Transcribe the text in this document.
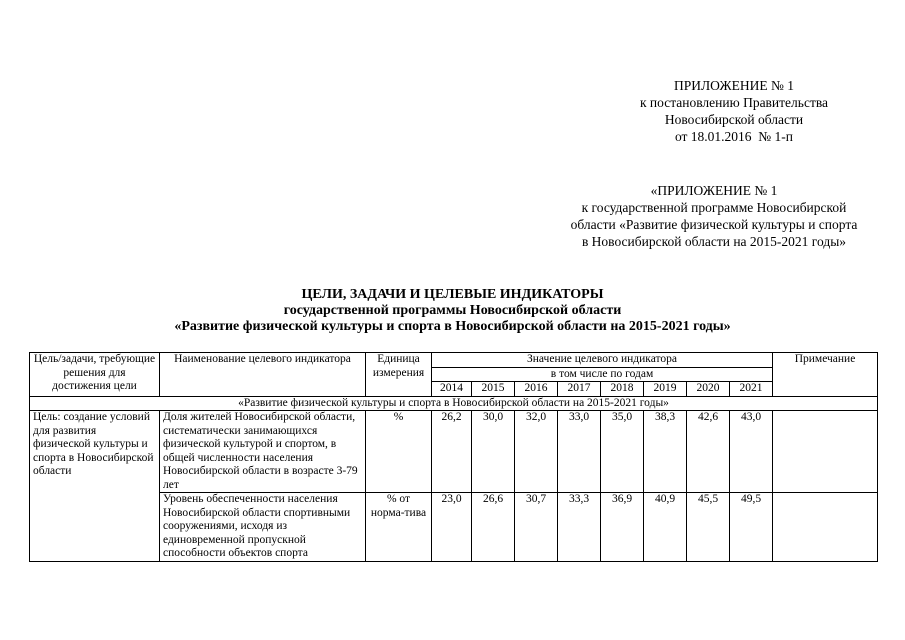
ПРИЛОЖЕНИЕ № 1
к постановлению Правительства
Новосибирской области
от 18.01.2016  № 1-п
«ПРИЛОЖЕНИЕ № 1
к государственной программе Новосибирской
области «Развитие физической культуры и спорта
в Новосибирской области на 2015-2021 годы»
ЦЕЛИ, ЗАДАЧИ И ЦЕЛЕВЫЕ ИНДИКАТОРЫ
государственной программы Новосибирской области
«Развитие физической культуры и спорта в Новосибирской области на 2015-2021 годы»
Цель/задачи, требующие решения для достижения цели	Наименование целевого индикатора	Единица измерения	Значение целевого индикатора								Примечание
			в том числе по годам								
			2014	2015	2016	2017	2018	2019	2020	2021	
«Развитие физической культуры и спорта в Новосибирской области на 2015-2021 годы»											
Цель: создание условий для развития физической культуры и спорта в Новосибирской области	Доля жителей Новосибирской области, систематически занимающихся физической культурой и спортом, в общей численности населения Новосибирской области в возрасте 3-79 лет	%	26,2	30,0	32,0	33,0	35,0	38,3	42,6	43,0	
	Уровень обеспеченности населения Новосибирской области спортивными сооружениями, исходя из единовременной пропускной способности объектов спорта	% от норма-тива	23,0	26,6	30,7	33,3	36,9	40,9	45,5	49,5	
